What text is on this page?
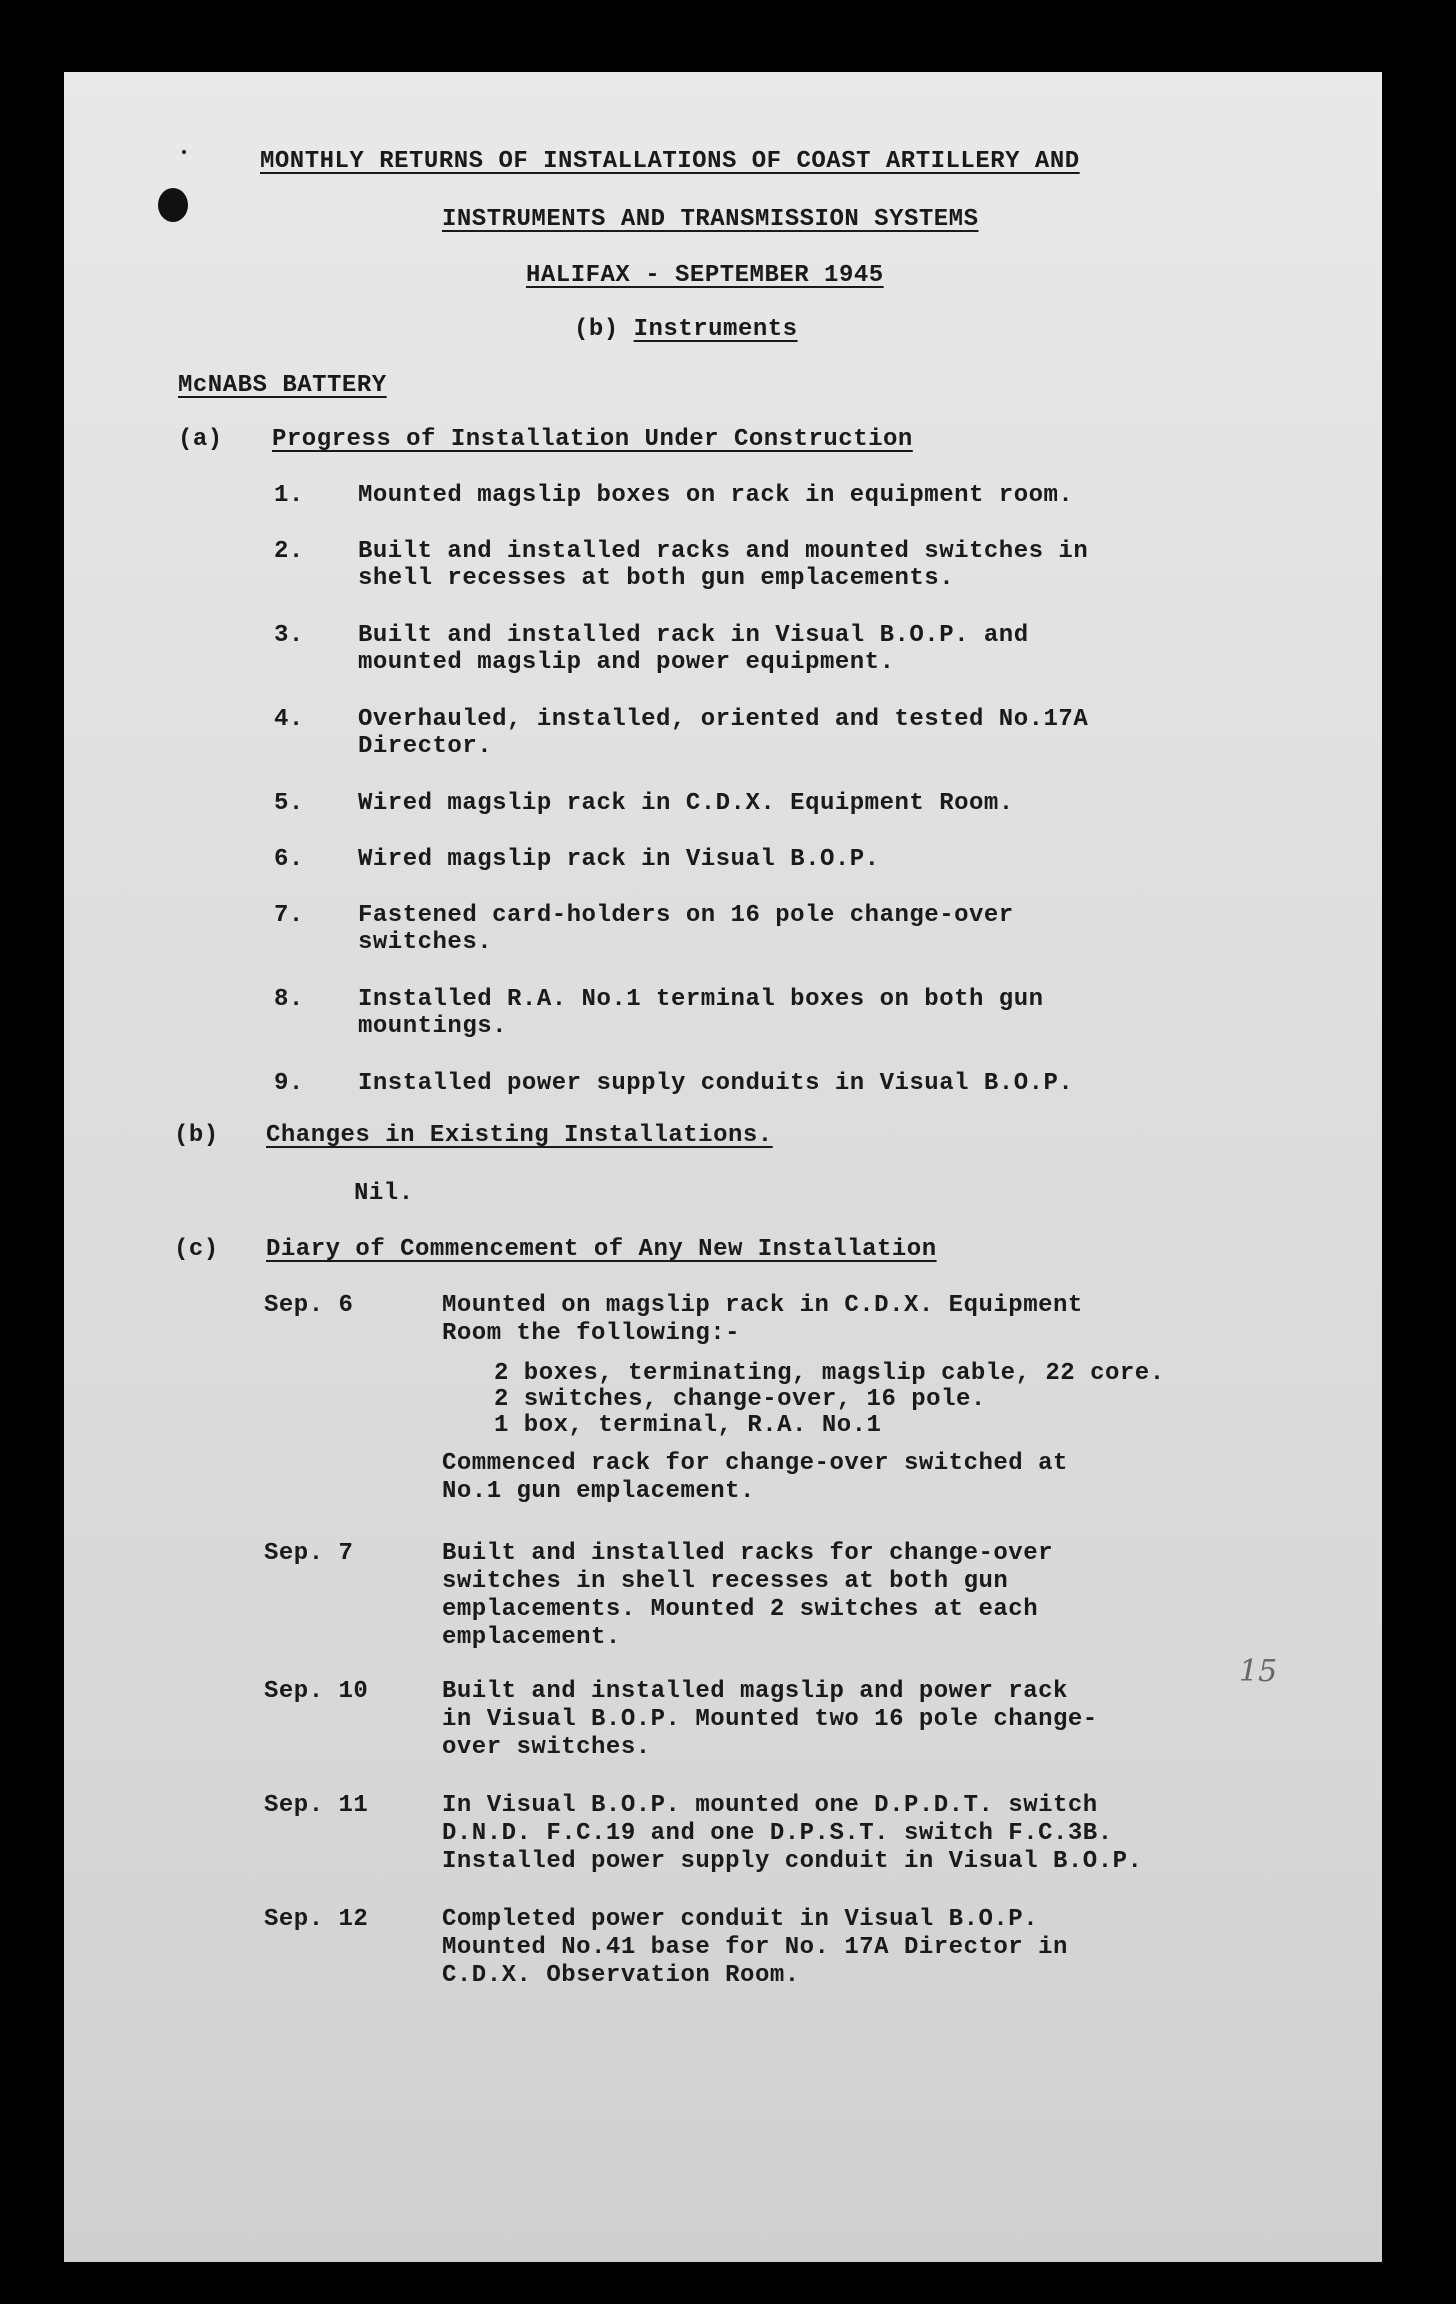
MONTHLY RETURNS OF INSTALLATIONS OF COAST ARTILLERY AND
INSTRUMENTS AND TRANSMISSION SYSTEMS
HALIFAX - SEPTEMBER 1945
(b) Instruments
McNABS BATTERY
(a) Progress of Installation Under Construction
1. Mounted magslip boxes on rack in equipment room.
2. Built and installed racks and mounted switches in
shell recesses at both gun emplacements.
3. Built and installed rack in Visual B.O.P. and
mounted magslip and power equipment.
4. Overhauled, installed, oriented and tested No.17A
Director.
5. Wired magslip rack in C.D.X. Equipment Room.
6. Wired magslip rack in Visual B.O.P.
7. Fastened card-holders on 16 pole change-over
switches.
8. Installed R.A. No.1 terminal boxes on both gun
mountings.
9. Installed power supply conduits in Visual B.O.P.
(b) Changes in Existing Installations.
Nil.
(c) Diary of Commencement of Any New Installation
Sep. 6	Mounted on magslip rack in C.D.X. Equipment
Room the following:-
2 boxes, terminating, magslip cable, 22 core.
2 switches, change-over, 16 pole.
1 box, terminal, R.A. No.1
Commenced rack for change-over switched at
No.1 gun emplacement.
Sep. 7	Built and installed racks for change-over
switches in shell recesses at both gun
emplacements. Mounted 2 switches at each
emplacement.
Sep. 10	Built and installed magslip and power rack
in Visual B.O.P. Mounted two 16 pole change-
over switches.
Sep. 11	In Visual B.O.P. mounted one D.P.D.T. switch
D.N.D. F.C.19 and one D.P.S.T. switch F.C.3B.
Installed power supply conduit in Visual B.O.P.
Sep. 12	Completed power conduit in Visual B.O.P.
Mounted No.41 base for No. 17A Director in
C.D.X. Observation Room.
15
